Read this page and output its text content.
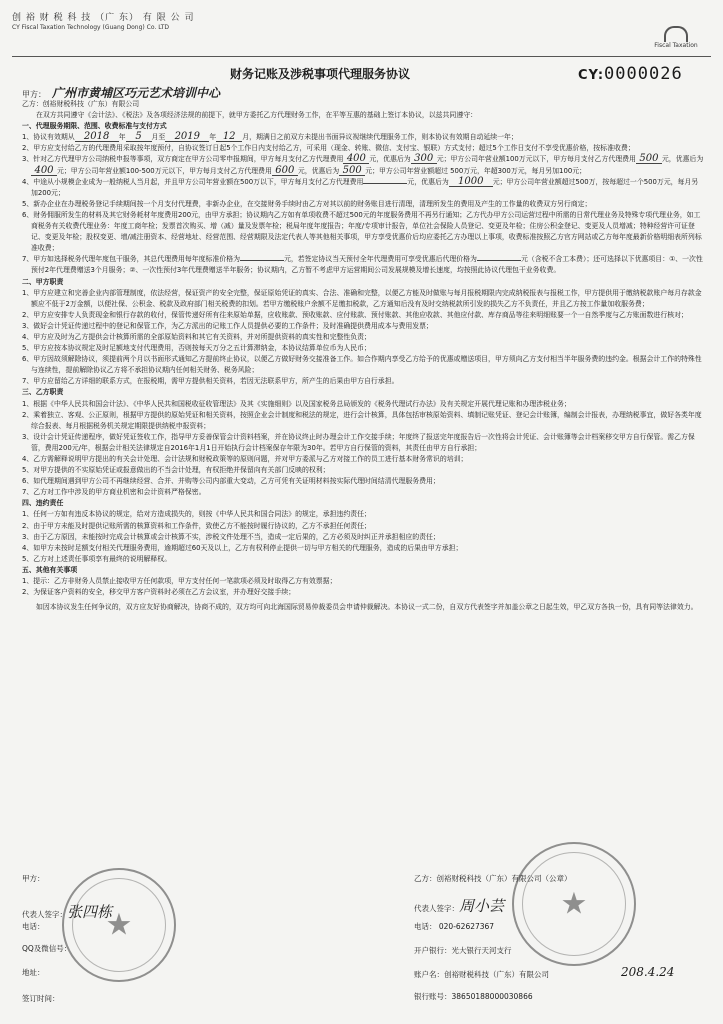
创 裕 财 税 科 技 （广 东） 有 限 公 司
CY Fiscal Taxation Technology (Guang Dong) Co. LTD
Fiscal Taxation
财务记账及涉税事项代理服务协议	CY:0000026
甲方： 广州市黄埔区巧元艺术培训中心

乙方：创裕财税科技（广东）有限公司

在双方共同遵守《会计法》、《税法》及各项经济法规的前提下，就甲方委托乙方代理财务工作，在平等互惠的基础上签订本协议，以兹共同遵守：

一、代理服务期限、范围、收费标准与支付方式

1、协议有效期从 2018 年 5 月至 2019 年 12 月，期满日之前双方未提出书面异议视继续代理服务工作，则本协议有效期自动延续一年；

2、甲方应支付给乙方的代理费用采取按年度预付，自协议签订日起5个工作日内支付给乙方，可采用（现金、转账、微信、支付宝、银联）方式支付；超过5个工作日支付不享受优惠价格，按标准收费；

3、针对乙方代理甲方公司纳税申报等事项，双方商定在甲方公司零申报期间，甲方每月支付乙方代理费用 400 元，优惠后为 300 元；甲方公司年营业额100万元以下，甲方每月支付乙方代理费用 500 元，优惠后为400 元；甲方公司年营业额100-500万元以下，甲方每月支付乙方代理费用 600 元，优惠后为 500 元；甲方公司年营业额超过 500万元，年超300万元，每月另加100元；

4、中途从小规模企业成为一般纳税人当月起，并且甲方公司年营业额在500万以下，甲方每月支付乙方代理费用	元，优惠后为 1000 元；甲方公司年营业额超过500万，按每超过一个500万元，每月另加200元；

5、新办企业在办理税务登记手续期间按一个月支付代理费，非新办企业，在交接财务手续时由乙方对其以前的财务账目进行清理，清理所发生的费用及产生的工作量的收费双方另行商定；

6、财务佣服所发生的材料及其它财务耗材年度费用200元，由甲方承担；协议期内乙方如有单项收费不超过500元的年度服务费用不再另行通知；乙方代办甲方公司运营过程中所需的日常代理业务及特殊专项代理业务，如工商税务有关收费代理业务：年度工商年检；发票首次购买、增（减）量及发票年检；税局年度年度报告；年度/专项审计报告，单位社会保险人员登记、变更及年检；住房公积金登记、变更及人员增减；特种经营许可证登记、变更及年检；股权变更、增/减注册资本、经营地址、经营范围、经营期限及法定代表人等其他相关事项，甲方享受优惠价后均应委托乙方办理以上事项，收费标准按照乙方官方网站或乙方每年度最新价格明细表所列标准收费；

7、甲方如选择税务代理年度包干服务，其总代理费用每年度标准价格为	元，若签定协议当天预付全年代理费用可享受优惠后代理价格为	元（含税不含工本费）；还可选择以下优惠项目：①、一次性预付2年代理费赠送3个月服务；②、一次性预付3年代理费赠送半年服务；协议期内，乙方暂不考虑甲方运营期间公司发展规模及增长速度，均按照此协议代理包干业务收费。

二、甲方职责

1、甲方应建立和完善企业内部管理制度，依法经营，保证资产的安全完整，保证原始凭证的真实、合法、准确和完整，以便乙方能及时做账与每月报税期限内完成纳税报表与报税工作，甲方提供用于缴纳税款账户每月存款金额应不低于2万金额，以便社保、公积金、税款及政府部门相关税费的扣划。若甲方缴税账户余额不足缴扣税款，乙方通知后没有及时交纳税款所引发的损失乙方不负责任，并且乙方按工作量加收服务费；

2、甲方应安排专人负责现金和银行存款的收付，保管传递好所有往来原始单据，应收账款、预收账款、应付账款、预付账款、其他应收款、其他应付款、库存商品等往来明细账要一个一自然季度与乙方账面数进行核对；

3、做好会计凭证传递过程中的登记和保管工作，为乙方派出的记账工作人员提供必要的工作条件；及时准确提供费用成本与费用发票；

4、甲方应及时为乙方提供会计核算所需的全部原始资料和其它有关资料，并对所提供资料的真实性和完整性负责；

5、甲方应按本协议规定及时足额地支付代理费用，否则按每天万分之五计算滞纳金，本协议结算单位币为人民币；

6、甲方因故须解除协议，须提前两个月以书面形式通知乙方提前终止协议，以便乙方做好财务交接准备工作。如合作期内享受乙方给予的优惠或赠送项目，甲方须向乙方支付相当半年服务费的违约金。根据会计工作的特殊性与连续性，提前解除协议乙方将不承担协议期内任何相关财务、税务风险；

7、甲方应留给乙方详细的联系方式，在报税期，需甲方提供相关资料，若因无法联系甲方，所产生的后果由甲方自行承担。

三、乙方职责

1、根据《中华人民共和国会计法》、《中华人民共和国税收征收管理法》及其《实施细则》以及国家税务总局颁发的《税务代理试行办法》及有关规定开展代理记账和办理涉税业务；

2、乘着独立、客观、公正原则，根据甲方提供的原始凭证和相关资料，按照企业会计制度和税法的规定，进行会计核算，具体包括审核原始资料、填制记账凭证、登记会计账簿，编制会计报表，办理纳税事宜，做好各类年度综合报表、每月根据税务机关规定期限提供纳税申报资料；

3、设计会计凭证传递程序，做好凭证签收工作，指导甲方妥善保管会计资料档案，并在协议终止时办理会计工作交接手续；年度终了报送完年度报告后一次性将会计凭证、会计账簿等会计档案移交甲方自行保管。需乙方保管，费用200元/年，根据会计相关法律规定自2016年1月1日开始执行会计档案保存年限为30年。若甲方自行保管的资料，其责任由甲方自行承担；

4、乙方需解释说明甲方提出的有关会计处理、会计法规和财税政策等的原则问题，并对甲方委派与乙方对接工作的员工进行基本财务常识的培训；

5、对甲方提供的不实原始凭证或报意做出的不当会计处理，有权拒绝并保留向有关部门反映的权利；

6、如代理期间遇到甲方公司不再继续经营、合并、并购等公司内部重大变动，乙方可凭有关证明材料按实际代理时间结清代理服务费用；

7、乙方对工作中涉及的甲方商业机密和会计资料严格保密。

四、违约责任

1、任何一方如有违反本协议的规定，给对方造成损失的，则按《中华人民共和国合同法》的规定，承担违约责任；

2、由于甲方未能及时提供记账所需的核算资料和工作条件，致使乙方不能按时履行协议的，乙方不承担任何责任；

3、由于乙方原因，未能按时完成会计核算或会计核算不实，涉税文件处理不当，造成一定后果的，乙方必须及时纠正并承担相应的责任；

4、如甲方未按时足额支付相关代理服务费用，逾期超过60天及以上，乙方有权利停止提供一切与甲方相关的代理服务，造成的后果由甲方承担；

5、乙方对上述责任事项享有最终的说明解释权。

五、其他有关事项

1、提示：乙方非财务人员禁止接收甲方任何款项，甲方支付任何一笔款项必须及时取得乙方有效票据；

2、为保证客户资料的安全，移交甲方客户资料时必须在乙方会议室，并办理好交接手续；

如因本协议发生任何争议的，双方应友好协商解决，协商不成的，双方均可向北海国际贸易仲裁委员会申请仲裁解决。本协议一式二份，自双方代表签字并加盖公章之日起生效，甲乙双方各执一份，具有同等法律效力。

甲方：
代表人签字：张四栋
电话：
QQ及微信号：
地址：
签订时间：
乙方：创裕财税科技（广东）有限公司（公章）
代表人签字：周小芸
电话： 020-62627367
开户银行：光大银行天河支行
账户名：创裕财税科技（广东）有限公司
银行账号：38650188000030866
208.4.24
★
★
